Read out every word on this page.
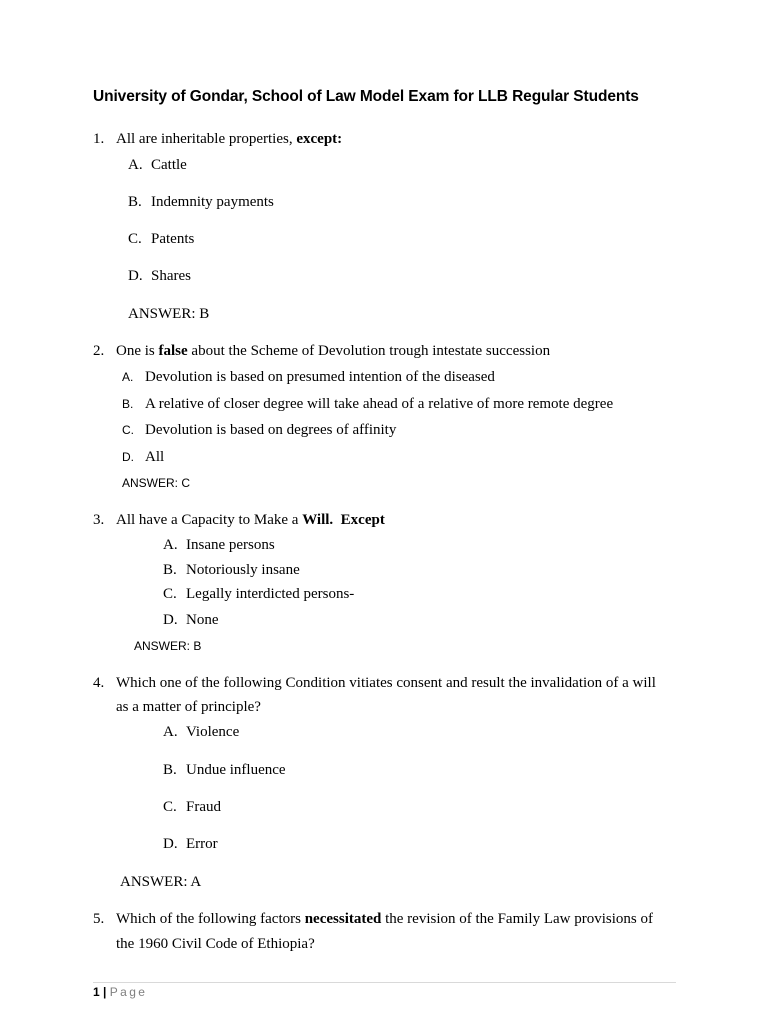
University of Gondar, School of Law Model Exam for LLB Regular Students
1. All are inheritable properties, except:
A. Cattle
B. Indemnity payments
C. Patents
D. Shares
ANSWER: B
2. One is false about the Scheme of Devolution trough intestate succession
A. Devolution is based on presumed intention of the diseased
B. A relative of closer degree will take ahead of a relative of more remote degree
C. Devolution is based on degrees of affinity
D. All
ANSWER: C
3. All have a Capacity to Make a Will.  Except
A. Insane persons
B. Notoriously insane
C. Legally interdicted persons-
D. None
ANSWER: B
4. Which one of the following Condition vitiates consent and result the invalidation of a will
as a matter of principle?
A. Violence
B. Undue influence
C. Fraud
D. Error
ANSWER: A
5. Which of the following factors necessitated the revision of the Family Law provisions of
the 1960 Civil Code of Ethiopia?
1 | Page
